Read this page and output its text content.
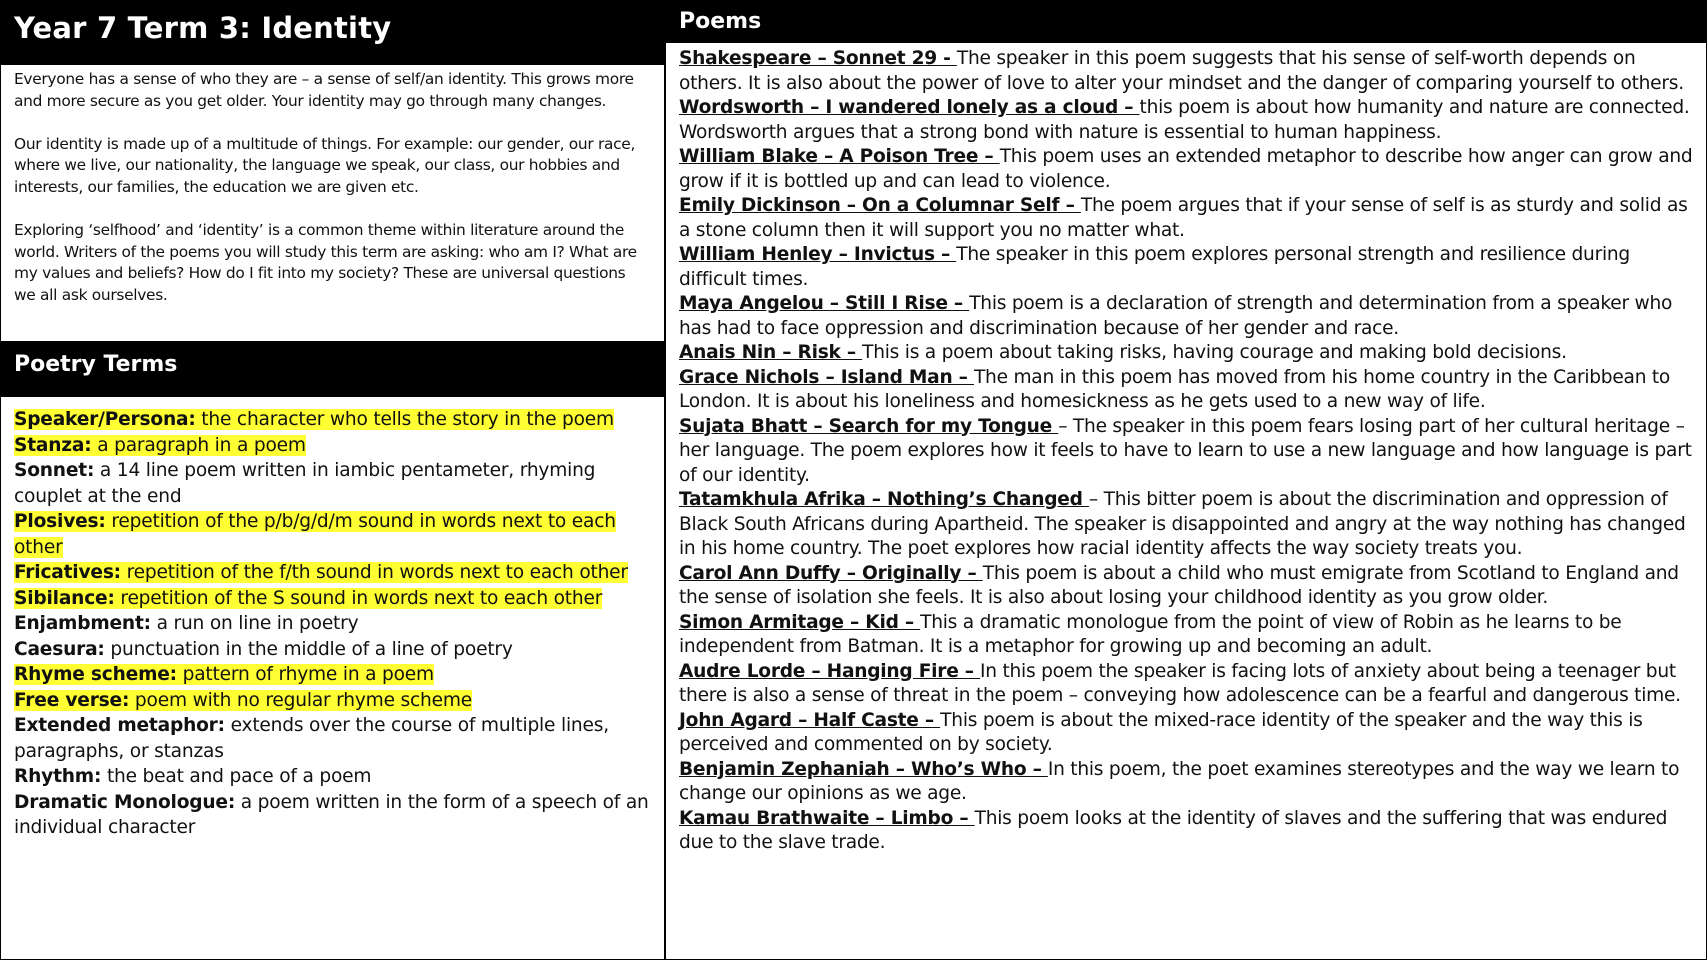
Year 7 Term 3: Identity

Everyone has a sense of who they are – a sense of self/an identity. This grows more and more secure as you get older. Your identity may go through many changes.

Our identity is made up of a multitude of things. For example: our gender, our race, where we live, our nationality, the language we speak, our class, our hobbies and interests, our families, the education we are given etc.

Exploring ‘selfhood’ and ‘identity’ is a common theme within literature around the world. Writers of the poems you will study this term are asking: who am I? What are my values and beliefs? How do I fit into my society? These are universal questions we all ask ourselves.

Poetry Terms

Speaker/Persona: the character who tells the story in the poem

Stanza: a paragraph in a poem

Sonnet: a 14 line poem written in iambic pentameter, rhyming couplet at the end

Plosives: repetition of the p/b/g/d/m sound in words next to each other

Fricatives: repetition of the f/th sound in words next to each other

Sibilance: repetition of the S sound in words next to each other

Enjambment: a run on line in poetry

Caesura: punctuation in the middle of a line of poetry

Rhyme scheme: pattern of rhyme in a poem

Free verse: poem with no regular rhyme scheme

Extended metaphor: extends over the course of multiple lines, paragraphs, or stanzas

Rhythm: the beat and pace of a poem

Dramatic Monologue: a poem written in the form of a speech of an individual character

Poems

Shakespeare – Sonnet 29 - The speaker in this poem suggests that his sense of self-worth depends on others. It is also about the power of love to alter your mindset and the danger of comparing yourself to others.

Wordsworth – I wandered lonely as a cloud – this poem is about how humanity and nature are connected. Wordsworth argues that a strong bond with nature is essential to human happiness.

William Blake – A Poison Tree – This poem uses an extended metaphor to describe how anger can grow and grow if it is bottled up and can lead to violence.

Emily Dickinson – On a Columnar Self – The poem argues that if your sense of self is as sturdy and solid as a stone column then it will support you no matter what.

William Henley – Invictus – The speaker in this poem explores personal strength and resilience during difficult times.

Maya Angelou – Still I Rise – This poem is a declaration of strength and determination from a speaker who has had to face oppression and discrimination because of her gender and race.

Anais Nin – Risk – This is a poem about taking risks, having courage and making bold decisions.

Grace Nichols – Island Man – The man in this poem has moved from his home country in the Caribbean to London. It is about his loneliness and homesickness as he gets used to a new way of life.

Sujata Bhatt – Search for my Tongue – The speaker in this poem fears losing part of her cultural heritage – her language. The poem explores how it feels to have to learn to use a new language and how language is part of our identity.

Tatamkhula Afrika – Nothing’s Changed – This bitter poem is about the discrimination and oppression of Black South Africans during Apartheid. The speaker is disappointed and angry at the way nothing has changed in his home country. The poet explores how racial identity affects the way society treats you.

Carol Ann Duffy – Originally – This poem is about a child who must emigrate from Scotland to England and the sense of isolation she feels. It is also about losing your childhood identity as you grow older.

Simon Armitage – Kid – This a dramatic monologue from the point of view of Robin as he learns to be independent from Batman. It is a metaphor for growing up and becoming an adult.

Audre Lorde – Hanging Fire – In this poem the speaker is facing lots of anxiety about being a teenager but there is also a sense of threat in the poem – conveying how adolescence can be a fearful and dangerous time.

John Agard – Half Caste – This poem is about the mixed-race identity of the speaker and the way this is perceived and commented on by society.

Benjamin Zephaniah – Who’s Who – In this poem, the poet examines stereotypes and the way we learn to change our opinions as we age.

Kamau Brathwaite – Limbo – This poem looks at the identity of slaves and the suffering that was endured due to the slave trade.
